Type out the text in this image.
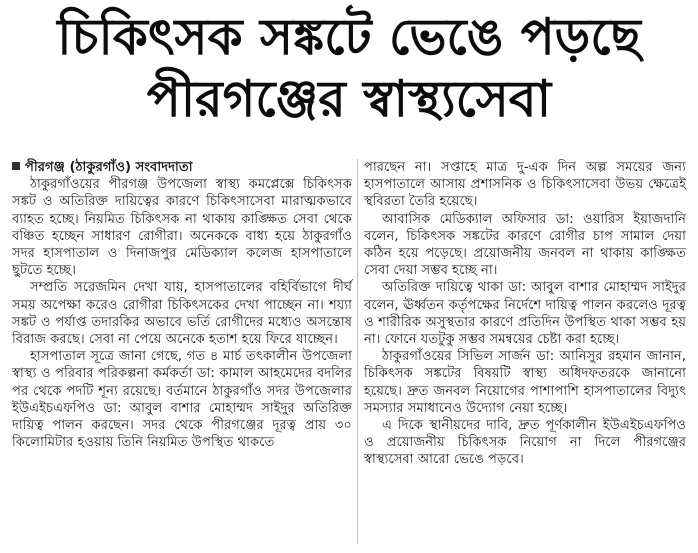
চিকিৎসক সঙ্কটে ভেঙে পড়ছে
পীরগঞ্জের স্বাস্থ্যসেবা
পীরগঞ্জ (ঠাকুরগাঁও) সংবাদদাতা

ঠাকুরগাঁওয়ের পীরগঞ্জ উপজেলা স্বাস্থ্য কমপ্লেক্সে চিকিৎসক সঙ্কট ও অতিরিক্ত দায়িত্বের কারণে চিকিৎসাসেবা মারাত্মকভাবে ব্যাহত হচ্ছে। নিয়মিত চিকিৎসক না থাকায় কাঙ্ক্ষিত সেবা থেকে বঞ্চিত হচ্ছেন সাধারণ রোগীরা। অনেককে বাধ্য হয়ে ঠাকুরগাঁও সদর হাসপাতাল ও দিনাজপুর মেডিক্যাল কলেজ হাসপাতালে ছুটতে হচ্ছে।

সম্প্রতি সরেজমিন দেখা যায়, হাসপাতালের বহির্বিভাগে দীর্ঘ সময় অপেক্ষা করেও রোগীরা চিকিৎসকের দেখা পাচ্ছেন না। শয্যা সঙ্কট ও পর্যাপ্ত তদারকির অভাবে ভর্তি রোগীদের মধ্যেও অসন্তোষ বিরাজ করছে। সেবা না পেয়ে অনেকে হতাশ হয়ে ফিরে যাচ্ছেন।

হাসপাতাল সূত্রে জানা গেছে, গত ৪ মার্চ তৎকালীন উপজেলা স্বাস্থ্য ও পরিবার পরিকল্পনা কর্মকর্তা ডা: কামাল আহমেদের বদলির পর থেকে পদটি শূন্য রয়েছে। বর্তমানে ঠাকুরগাঁও সদর উপজেলার ইউএইচএফপিও ডা: আবুল বাশার মোহাম্মদ সাইদুর অতিরিক্ত দায়িত্ব পালন করছেন। সদর থেকে পীরগঞ্জের দূরত্ব প্রায় ৩০ কিলোমিটার হওয়ায় তিনি নিয়মিত উপস্থিত থাকতে

পারছেন না। সপ্তাহে মাত্র দু-এক দিন অল্প সময়ের জন্য হাসপাতালে আসায় প্রশাসনিক ও চিকিৎসাসেবা উভয় ক্ষেত্রেই স্থবিরতা তৈরি হয়েছে।

আবাসিক মেডিক্যাল অফিসার ডা: ওয়ারিস ইয়াজদানি বলেন, চিকিৎসক সঙ্কটের কারণে রোগীর চাপ সামাল দেয়া কঠিন হয়ে পড়েছে। প্রয়োজনীয় জনবল না থাকায় কাঙ্ক্ষিত সেবা দেয়া সম্ভব হচ্ছে না।

অতিরিক্ত দায়িত্বে থাকা ডা: আবুল বাশার মোহাম্মদ সাইদুর বলেন, ঊর্ধ্বতন কর্তৃপক্ষের নির্দেশে দায়িত্ব পালন করলেও দূরত্ব ও শারীরিক অসুস্থতার কারণে প্রতিদিন উপস্থিত থাকা সম্ভব হয় না। ফোনে যতটুকু সম্ভব সমন্বয়ের চেষ্টা করা হচ্ছে।

ঠাকুরগাঁওয়ের সিভিল সার্জন ডা: আনিসুর রহমান জানান, চিকিৎসক সঙ্কটের বিষয়টি স্বাস্থ্য অধিদফতরকে জানানো হয়েছে। দ্রুত জনবল নিয়োগের পাশাপাশি হাসপাতালের বিদ্যুৎ সমস্যার সমাধানেও উদ্যোগ নেয়া হচ্ছে।

এ দিকে স্থানীয়দের দাবি, দ্রুত পূর্ণকালীন ইউএইচএফপিও ও প্রয়োজনীয় চিকিৎসক নিয়োগ না দিলে পীরগঞ্জের স্বাস্থ্যসেবা আরো ভেঙে পড়বে।
